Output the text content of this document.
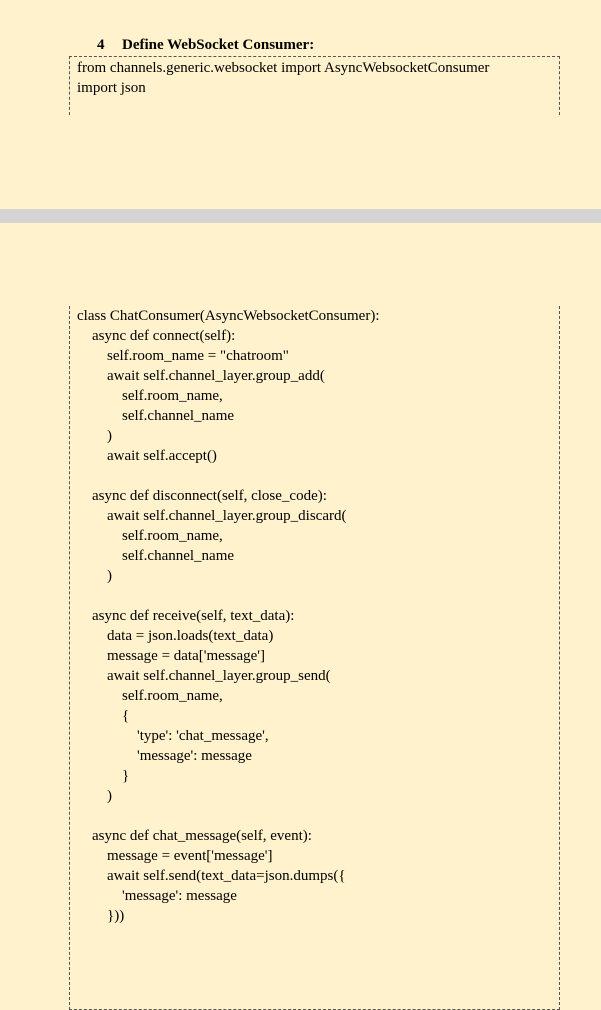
4 Define WebSocket Consumer:
from channels.generic.websocket import AsyncWebsocketConsumer
import json
class ChatConsumer(AsyncWebsocketConsumer):
async def connect(self):
self.room_name = "chatroom"
await self.channel_layer.group_add(
self.room_name,
self.channel_name
)
await self.accept()
async def disconnect(self, close_code):
await self.channel_layer.group_discard(
self.room_name,
self.channel_name
)
async def receive(self, text_data):
data = json.loads(text_data)
message = data['message']
await self.channel_layer.group_send(
self.room_name,
{
'type': 'chat_message',
'message': message
}
)
async def chat_message(self, event):
message = event['message']
await self.send(text_data=json.dumps({
'message': message
}))
